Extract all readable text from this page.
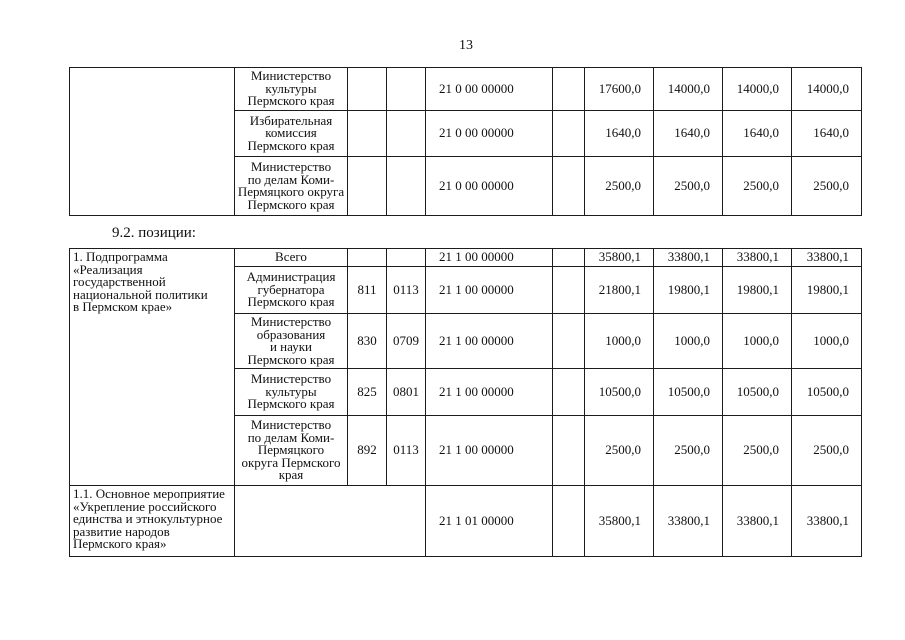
13
	Министерство
культуры
Пермского края			21 0 00 00000		17600,0	14000,0	14000,0	14000,0
	Избирательная
комиссия
Пермского края			21 0 00 00000		1640,0	1640,0	1640,0	1640,0
	Министерство
по делам Коми-
Пермяцкого округа
Пермского края			21 0 00 00000		2500,0	2500,0	2500,0	2500,0
9.2. позиции:
1. Подпрограмма
«Реализация
государственной
национальной политики
в Пермском крае»	Всего			21 1 00 00000		35800,1	33800,1	33800,1	33800,1
	Администрация
губернатора
Пермского края	811	0113	21 1 00 00000		21800,1	19800,1	19800,1	19800,1
	Министерство
образования
и науки
Пермского края	830	0709	21 1 00 00000		1000,0	1000,0	1000,0	1000,0
	Министерство
культуры
Пермского края	825	0801	21 1 00 00000		10500,0	10500,0	10500,0	10500,0
	Министерство
по делам Коми-
Пермяцкого
округа Пермского
края	892	0113	21 1 00 00000		2500,0	2500,0	2500,0	2500,0
1.1. Основное мероприятие
«Укрепление российского
единства и этнокультурное
развитие народов
Пермского края»				21 1 01 00000		35800,1	33800,1	33800,1	33800,1
